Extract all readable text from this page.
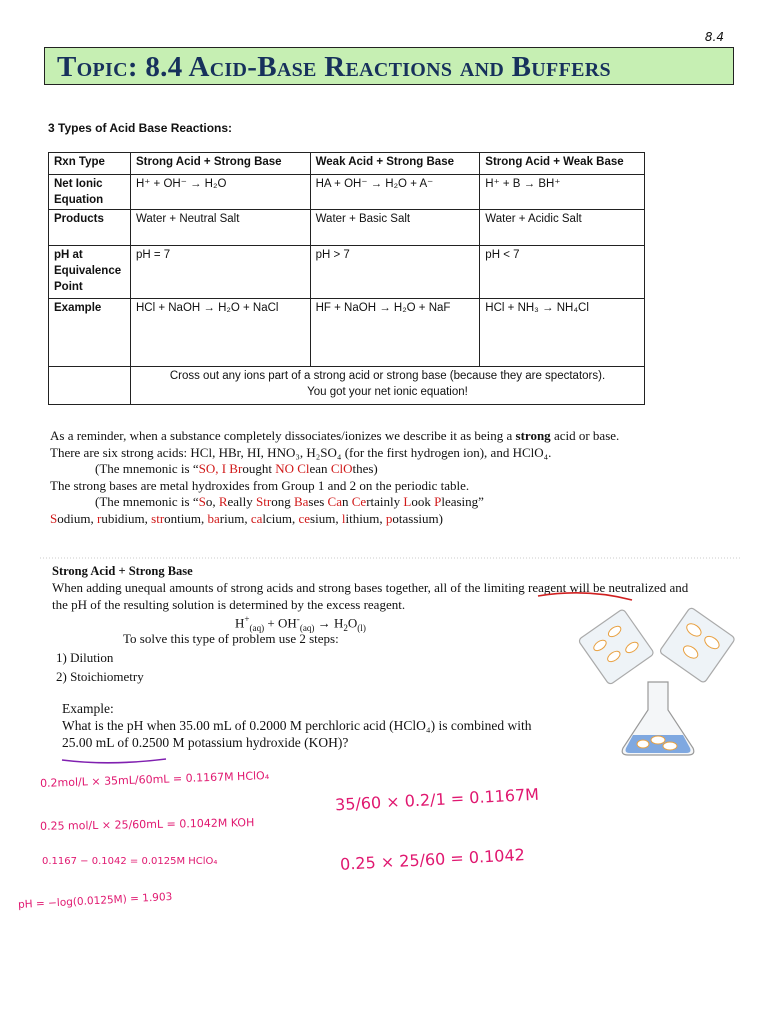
8.4
Topic: 8.4 Acid-Base Reactions and Buffers
3 Types of Acid Base Reactions:
Rxn Type	Strong Acid + Strong Base	Weak Acid + Strong Base	Strong Acid + Weak Base
Net Ionic Equation	H⁺ + OH⁻ → H₂O	HA + OH⁻ → H₂O + A⁻	H⁺ + B → BH⁺
Products	Water + Neutral Salt	Water + Basic Salt	Water + Acidic Salt
pH at Equivalence Point	pH = 7	pH > 7	pH < 7
Example	HCl + NaOH → H₂O + NaCl	HF + NaOH → H₂O + NaF	HCl + NH₃ → NH₄Cl

	Cross out any ions part of a strong acid or strong base (because they are spectators).
You got your net ionic equation!		
As a reminder, when a substance completely dissociates/ionizes we describe it as being a strong acid or base.
There are six strong acids: HCl, HBr, HI, HNO₃, H₂SO₄ (for the first hydrogen ion), and HClO₄.
(The mnemonic is “SO, I Brought NO Clean ClOthes)
The strong bases are metal hydroxides from Group 1 and 2 on the periodic table.
(The mnemonic is “So, Really Strong Bases Can Certainly Look Pleasing”
Sodium, rubidium, strontium, barium, calcium, cesium, lithium, potassium)
Strong Acid + Strong Base
When adding unequal amounts of strong acids and strong bases together, all of the limiting reagent will be neutralized and the pH of the resulting solution is determined by the excess reagent.
$H^+_{(aq)} + OH^-_{(aq)} \to H_2O_{(l)}$
To solve this type of problem use 2 steps:
1) Dilution
2) Stoichiometry
Example:
What is the pH when 35.00 mL of 0.2000 M perchloric acid (HClO₄) is combined with 25.00 mL of 0.2500 M potassium hydroxide (KOH)?
0.2mol/L × 35mL/60mL = 0.1167M HClO₄
0.25 mol/L × 25/60mL = 0.1042M KOH
0.1167 − 0.1042 = 0.0125M HClO₄
pH = −log(0.0125M) = 1.903
35/60 × 0.2/1 = 0.1167M
0.25 × 25/60 = 0.1042
